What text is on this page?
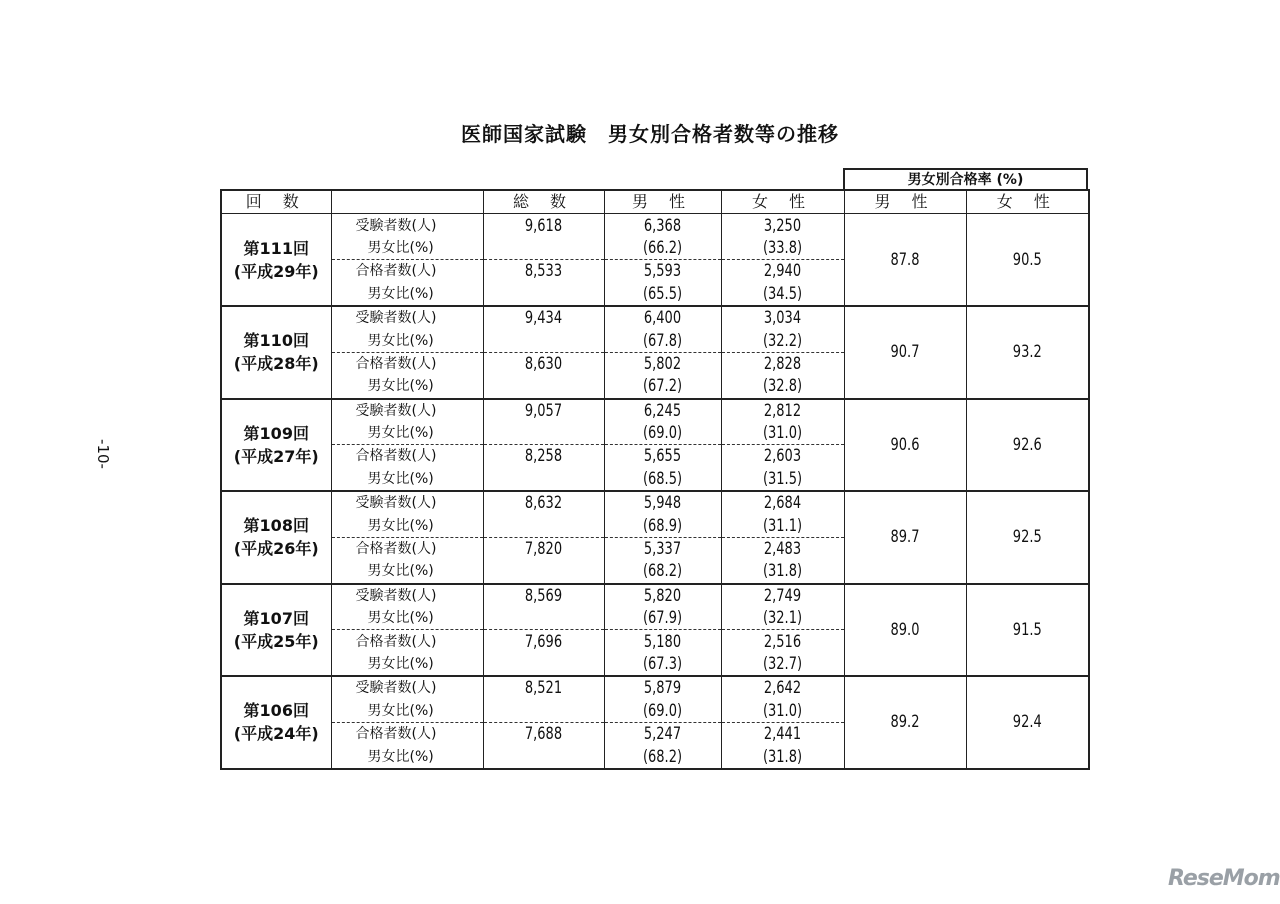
医師国家試験　男女別合格者数等の推移
-10-
男女別合格率 (%)
回 数		総 数	男 性	女 性	男 性	女 性

第111回
(平成29年)	受験者数(人)	9,618	6,368	3,250	87.8	90.5
	男女比(%)		(66.2)	(33.8)		
	合格者数(人)	8,533	5,593	2,940		
	男女比(%)		(65.5)	(34.5)		

第110回
(平成28年)	受験者数(人)	9,434	6,400	3,034	90.7	93.2
	男女比(%)		(67.8)	(32.2)		
	合格者数(人)	8,630	5,802	2,828		
	男女比(%)		(67.2)	(32.8)		

第109回
(平成27年)	受験者数(人)	9,057	6,245	2,812	90.6	92.6
	男女比(%)		(69.0)	(31.0)		
	合格者数(人)	8,258	5,655	2,603		
	男女比(%)		(68.5)	(31.5)		

第108回
(平成26年)	受験者数(人)	8,632	5,948	2,684	89.7	92.5
	男女比(%)		(68.9)	(31.1)		
	合格者数(人)	7,820	5,337	2,483		
	男女比(%)		(68.2)	(31.8)		

第107回
(平成25年)	受験者数(人)	8,569	5,820	2,749	89.0	91.5
	男女比(%)		(67.9)	(32.1)		
	合格者数(人)	7,696	5,180	2,516		
	男女比(%)		(67.3)	(32.7)		

第106回
(平成24年)	受験者数(人)	8,521	5,879	2,642	89.2	92.4
	男女比(%)		(69.0)	(31.0)		
	合格者数(人)	7,688	5,247	2,441		
	男女比(%)		(68.2)	(31.8)		
ReseMom
